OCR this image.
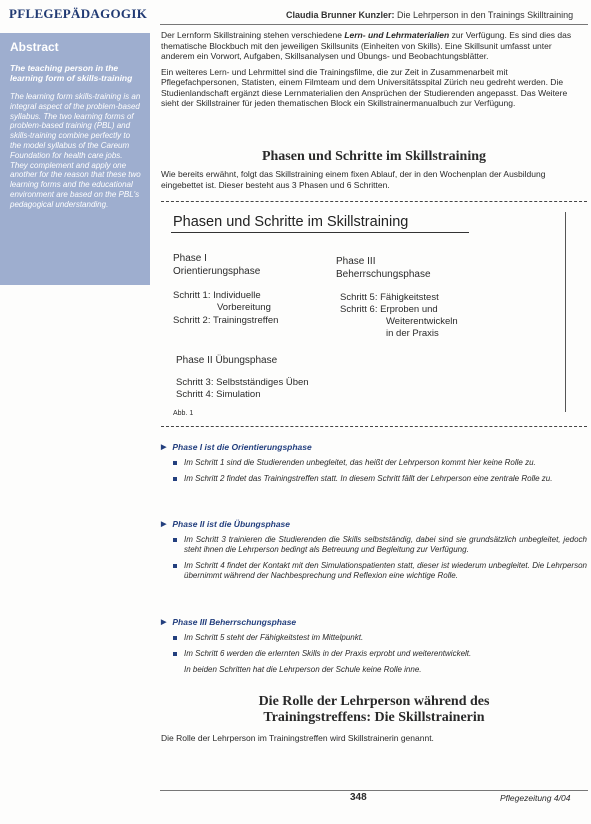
PFLEGEPÄDAGOGIK	Claudia Brunner Kunzler: Die Lehrperson in den Trainings Skilltraining
Abstract
The teaching person in the learning form of skills-training
The learning form skills-training is an integral aspect of the problem-based syllabus. The two learning forms of problem-based training (PBL) and skills-training combine perfectly to the model syllabus of the Careum Foundation for health care jobs. They complement and apply one another for the reason that these two learning forms and the educational environment are based on the PBL's pedagogical understanding.

Der Lernform Skillstraining stehen verschiedene Lern- und Lehrmaterialien zur Verfügung. Es sind dies das thematische Blockbuch mit den jeweiligen Skillsunits (Einheiten von Skills). Eine Skillsunit umfasst unter anderem ein Vorwort, Aufgaben, Skillsanalysen und Übungs- und Beobachtungsblätter.

Ein weiteres Lern- und Lehrmittel sind die Trainingsfilme, die zur Zeit in Zusammenarbeit mit Pflegefachpersonen, Statisten, einem Filmteam und dem Universitätsspital Zürich neu gedreht werden. Die Studienlandschaft ergänzt diese Lernmaterialien den Ansprüchen der Studierenden angepasst. Das Weitere sieht der Skillstrainer für jeden thematischen Block ein Skillstrainermanualbuch zur Verfügung.

Phasen und Schritte im Skillstraining
Wie bereits erwähnt, folgt das Skillstraining einem fixen Ablauf, der in den Wochenplan der Ausbildung eingebettet ist. Dieser besteht aus 3 Phasen und 6 Schritten.
Phasen und Schritte im Skillstraining
Phase I
Orientierungsphase
Schritt 1: Individuelle
Vorbereitung
Schritt 2: Trainingstreffen
Phase III
Beherrschungsphase
Schritt 5: Fähigkeitstest
Schritt 6: Erproben und
Weiterentwickeln
in der Praxis
Phase II Übungsphase
Schritt 3: Selbstständiges Üben
Schritt 4: Simulation
Abb. 1
▶ Phase I ist die Orientierungsphase
Im Schritt 1 sind die Studierenden unbegleitet, das heißt der Lehrperson kommt hier keine Rolle zu.
Im Schritt 2 findet das Trainingstreffen statt. In diesem Schritt fällt der Lehrperson eine zentrale Rolle zu.
▶ Phase II ist die Übungsphase
Im Schritt 3 trainieren die Studierenden die Skills selbstständig, dabei sind sie grundsätzlich unbegleitet, jedoch steht ihnen die Lehrperson bedingt als Betreuung und Begleitung zur Verfügung.
Im Schritt 4 findet der Kontakt mit den Simulationspatienten statt, dieser ist wiederum unbegleitet. Die Lehrperson übernimmt während der Nachbesprechung und Reflexion eine wichtige Rolle.
▶ Phase III Beherrschungsphase
Im Schritt 5 steht der Fähigkeitstest im Mittelpunkt.
Im Schritt 6 werden die erlernten Skills in der Praxis erprobt und weiterentwickelt.
In beiden Schritten hat die Lehrperson der Schule keine Rolle inne.
Die Rolle der Lehrperson während des
Trainingstreffens: Die Skillstrainerin
Die Rolle der Lehrperson im Trainingstreffen wird Skillstrainerin genannt.
348	Pflegezeitung 4/04
